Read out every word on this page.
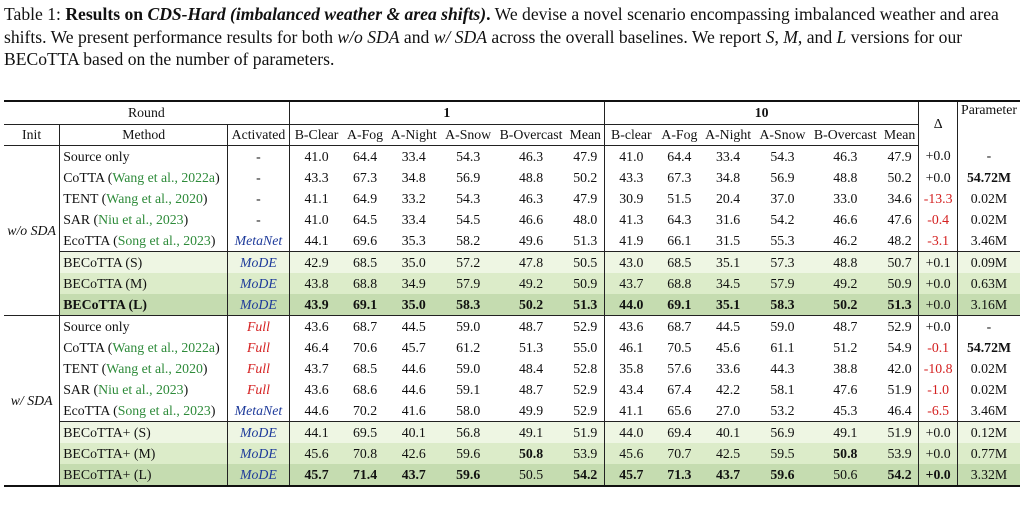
Table 1: Results on CDS-Hard (imbalanced weather & area shifts). We devise a novel scenario encompassing imbalanced weather and area shifts. We present performance results for both w/o SDA and w/ SDA across the overall baselines. We report S, M, and L versions for our BECoTTA based on the number of parameters.
Round			1						10						Δ	Parameter
Init	Method	Activated	B-Clear	A-Fog	A-Night	A-Snow	B-Overcast	Mean	B-clear	A-Fog	A-Night	A-Snow	B-Overcast	Mean		
w/o SDA	Source only	-	41.0	64.4	33.4	54.3	46.3	47.9	41.0	64.4	33.4	54.3	46.3	47.9	+0.0	-
	CoTTA (Wang et al., 2022a)	-	43.3	67.3	34.8	56.9	48.8	50.2	43.3	67.3	34.8	56.9	48.8	50.2	+0.0	54.72M
	TENT (Wang et al., 2020)	-	41.1	64.9	33.2	54.3	46.3	47.9	30.9	51.5	20.4	37.0	33.0	34.6	-13.3	0.02M
	SAR (Niu et al., 2023)	-	41.0	64.5	33.4	54.5	46.6	48.0	41.3	64.3	31.6	54.2	46.6	47.6	-0.4	0.02M
	EcoTTA (Song et al., 2023)	MetaNet	44.1	69.6	35.3	58.2	49.6	51.3	41.9	66.1	31.5	55.3	46.2	48.2	-3.1	3.46M
	BECoTTA (S)	MoDE	42.9	68.5	35.0	57.2	47.8	50.5	43.0	68.5	35.1	57.3	48.8	50.7	+0.1	0.09M
	BECoTTA (M)	MoDE	43.8	68.8	34.9	57.9	49.2	50.9	43.7	68.8	34.5	57.9	49.2	50.9	+0.0	0.63M
	BECoTTA (L)	MoDE	43.9	69.1	35.0	58.3	50.2	51.3	44.0	69.1	35.1	58.3	50.2	51.3	+0.0	3.16M
w/ SDA	Source only	Full	43.6	68.7	44.5	59.0	48.7	52.9	43.6	68.7	44.5	59.0	48.7	52.9	+0.0	-
	CoTTA (Wang et al., 2022a)	Full	46.4	70.6	45.7	61.2	51.3	55.0	46.1	70.5	45.6	61.1	51.2	54.9	-0.1	54.72M
	TENT (Wang et al., 2020)	Full	43.7	68.5	44.6	59.0	48.4	52.8	35.8	57.6	33.6	44.3	38.8	42.0	-10.8	0.02M
	SAR (Niu et al., 2023)	Full	43.6	68.6	44.6	59.1	48.7	52.9	43.4	67.4	42.2	58.1	47.6	51.9	-1.0	0.02M
	EcoTTA (Song et al., 2023)	MetaNet	44.6	70.2	41.6	58.0	49.9	52.9	41.1	65.6	27.0	53.2	45.3	46.4	-6.5	3.46M
	BECoTTA+ (S)	MoDE	44.1	69.5	40.1	56.8	49.1	51.9	44.0	69.4	40.1	56.9	49.1	51.9	+0.0	0.12M
	BECoTTA+ (M)	MoDE	45.6	70.8	42.6	59.6	50.8	53.9	45.6	70.7	42.5	59.5	50.8	53.9	+0.0	0.77M
	BECoTTA+ (L)	MoDE	45.7	71.4	43.7	59.6	50.5	54.2	45.7	71.3	43.7	59.6	50.6	54.2	+0.0	3.32M
